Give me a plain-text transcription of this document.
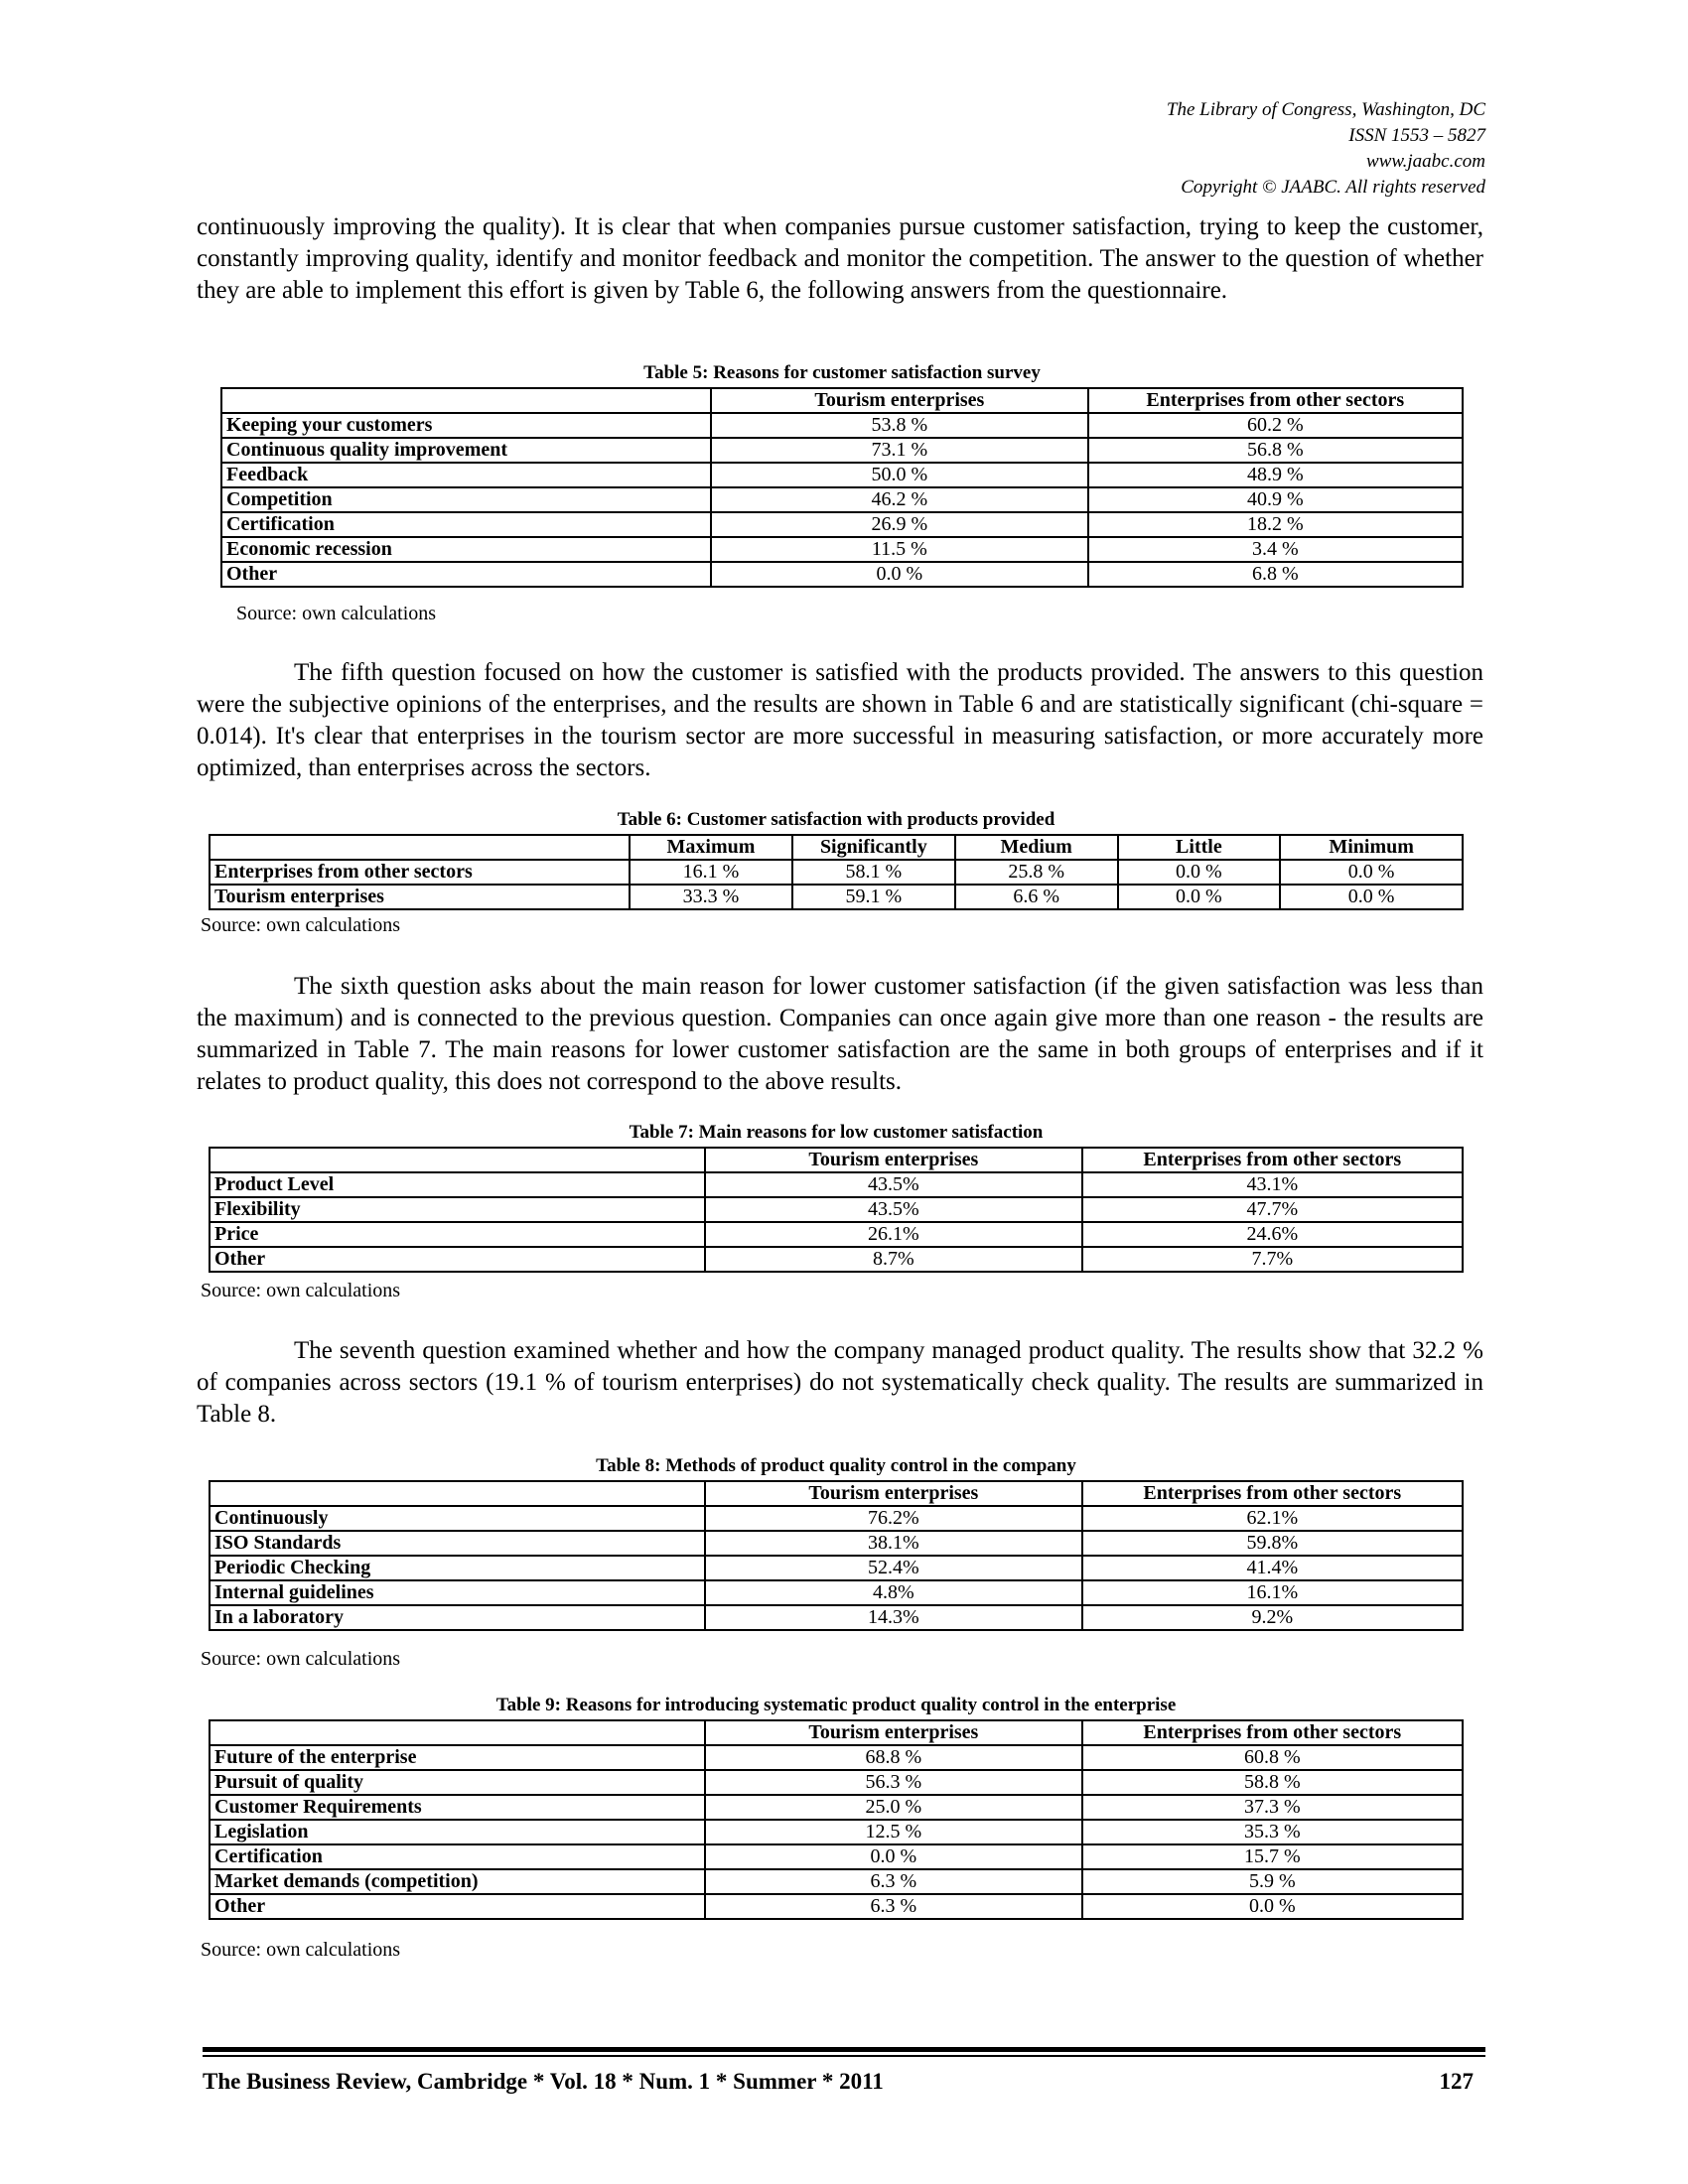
The Library of Congress, Washington, DC
ISSN 1553 – 5827
www.jaabc.com
Copyright © JAABC. All rights reserved

continuously improving the quality). It is clear that when companies pursue customer satisfaction, trying to keep the customer, constantly improving quality, identify and monitor feedback and monitor the competition. The answer to the question of whether they are able to implement this effort is given by Table 6, the following answers from the questionnaire.

Table 5: Reasons for customer satisfaction survey
	Tourism enterprises	Enterprises from other sectors
Keeping your customers	53.8 %	60.2 %
Continuous quality improvement	73.1 %	56.8 %
Feedback	50.0 %	48.9 %
Competition	46.2 %	40.9 %
Certification	26.9 %	18.2 %
Economic recession	11.5 %	3.4 %
Other	0.0 %	6.8 %
Source: own calculations

The fifth question focused on how the customer is satisfied with the products provided. The answers to this question were the subjective opinions of the enterprises, and the results are shown in Table 6 and are statistically significant (chi-square = 0.014). It's clear that enterprises in the tourism sector are more successful in measuring satisfaction, or more accurately more optimized, than enterprises across the sectors.

Table 6: Customer satisfaction with products provided
	Maximum	Significantly	Medium	Little	Minimum
Enterprises from other sectors	16.1 %	58.1 %	25.8 %	0.0 %	0.0 %
Tourism enterprises	33.3 %	59.1 %	6.6 %	0.0 %	0.0 %
Source: own calculations

The sixth question asks about the main reason for lower customer satisfaction (if the given satisfaction was less than the maximum) and is connected to the previous question. Companies can once again give more than one reason - the results are summarized in Table 7. The main reasons for lower customer satisfaction are the same in both groups of enterprises and if it relates to product quality, this does not correspond to the above results.

Table 7: Main reasons for low customer satisfaction
	Tourism enterprises	Enterprises from other sectors
Product Level	43.5%	43.1%
Flexibility	43.5%	47.7%
Price	26.1%	24.6%
Other	8.7%	7.7%
Source: own calculations

The seventh question examined whether and how the company managed product quality. The results show that 32.2 % of companies across sectors (19.1 % of tourism enterprises) do not systematically check quality. The results are summarized in Table 8.

Table 8: Methods of product quality control in the company
	Tourism enterprises	Enterprises from other sectors
Continuously	76.2%	62.1%
ISO Standards	38.1%	59.8%
Periodic Checking	52.4%	41.4%
Internal guidelines	4.8%	16.1%
In a laboratory	14.3%	9.2%
Source: own calculations
Table 9: Reasons for introducing systematic product quality control in the enterprise
	Tourism enterprises	Enterprises from other sectors
Future of the enterprise	68.8 %	60.8 %
Pursuit of quality	56.3 %	58.8 %
Customer Requirements	25.0 %	37.3 %
Legislation	12.5 %	35.3 %
Certification	0.0 %	15.7 %
Market demands (competition)	6.3 %	5.9 %
Other	6.3 %	0.0 %
Source: own calculations
The Business Review, Cambridge * Vol. 18 * Num. 1 * Summer * 2011	127
